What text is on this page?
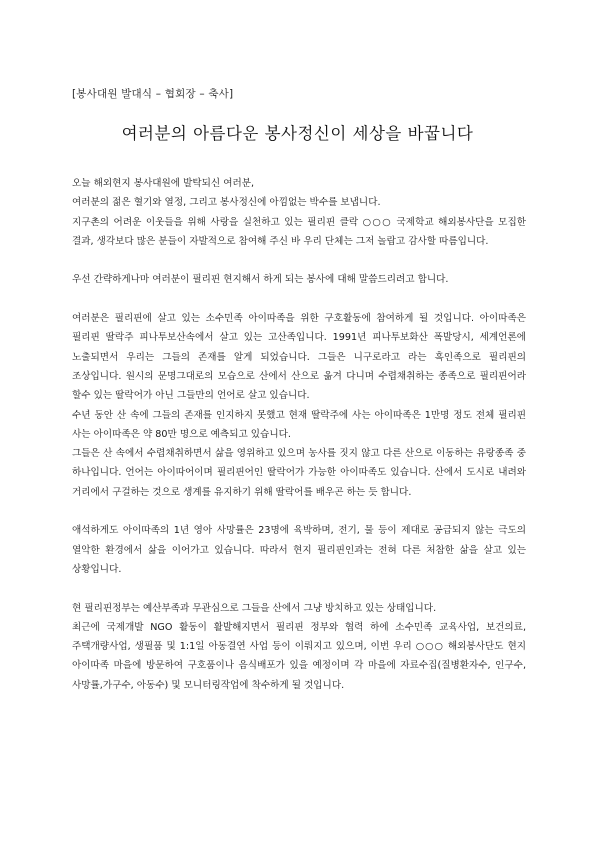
[봉사대원 발대식 – 협회장 – 축사]
여러분의 아름다운 봉사정신이 세상을 바꿉니다

오늘 해외현지 봉사대원에 발탁되신 여러분,

여러분의 젊은 혈기와 열정, 그리고 봉사정신에 아낌없는 박수를 보냅니다.

지구촌의 어려운 이웃들을 위해 사랑을 실천하고 있는 필리핀 클락 ○○○ 국제학교 해외봉사단을 모집한 결과, 생각보다 많은 분들이 자발적으로 참여해 주신 바 우리 단체는 그저 놀랍고 감사할 따름입니다.

우선 간략하게나마 여러분이 필리핀 현지해서 하게 되는 봉사에 대해 말씀드리려고 합니다.

여러분은 필리핀에 살고 있는 소수민족 아이따족을 위한 구호활동에 참여하게 될 것입니다. 아이따족은 필리핀 딸락주 피나투보산속에서 살고 있는 고산족입니다. 1991년 피나투보화산 폭발당시, 세계언론에 노출되면서 우리는 그들의 존재를 알게 되었습니다. 그들은 니구로라고 라는 흑인족으로 필리핀의 조상입니다. 원시의 문명그대로의 모습으로 산에서 산으로 옮겨 다니며 수렵채취하는 종족으로 필리핀어라 할수 있는 딸락어가 아닌 그들만의 언어로 살고 있습니다.

수년 동안 산 속에 그들의 존재를 인지하지 못했고 현재 딸락주에 사는 아이따족은 1만명 정도 전체 필리핀 사는 아이따족은 약 80만 명으로 예측되고 있습니다.

그들은 산 속에서 수렵채취하면서 삶을 영위하고 있으며 농사를 짓지 않고 다른 산으로 이동하는 유랑종족 중 하나입니다. 언어는 아이따어이며 필리핀어인 딸락어가 가능한 아이따족도 있습니다. 산에서 도시로 내려와 거리에서 구걸하는 것으로 생계를 유지하기 위해 딸락어를 배우곤 하는 듯 합니다.

애석하게도 아이따족의 1년 영아 사망률은 23명에 육박하며, 전기, 물 등이 제대로 공급되지 않는 극도의 열악한 환경에서 삶을 이어가고 있습니다. 따라서 현지 필리핀인과는 전혀 다른 처참한 삶을 살고 있는 상황입니다.

현 필리핀정부는 예산부족과 무관심으로 그들을 산에서 그냥 방치하고 있는 상태입니다.

최근에 국제개발 NGO 활동이 활발해지면서 필리핀 정부와 협력 하에 소수민족 교육사업, 보건의료, 주택개량사업, 생필품 및 1:1일 아동결연 사업 등이 이뤄지고 있으며, 이번 우리 ○○○ 해외봉사단도 현지 아이따족 마을에 방문하여 구호품이나 음식배포가 있을 예정이며 각 마을에 자료수집(질병환자수, 인구수, 사망률,가구수, 아동수) 및 모니터링작업에 착수하게 될 것입니다.
